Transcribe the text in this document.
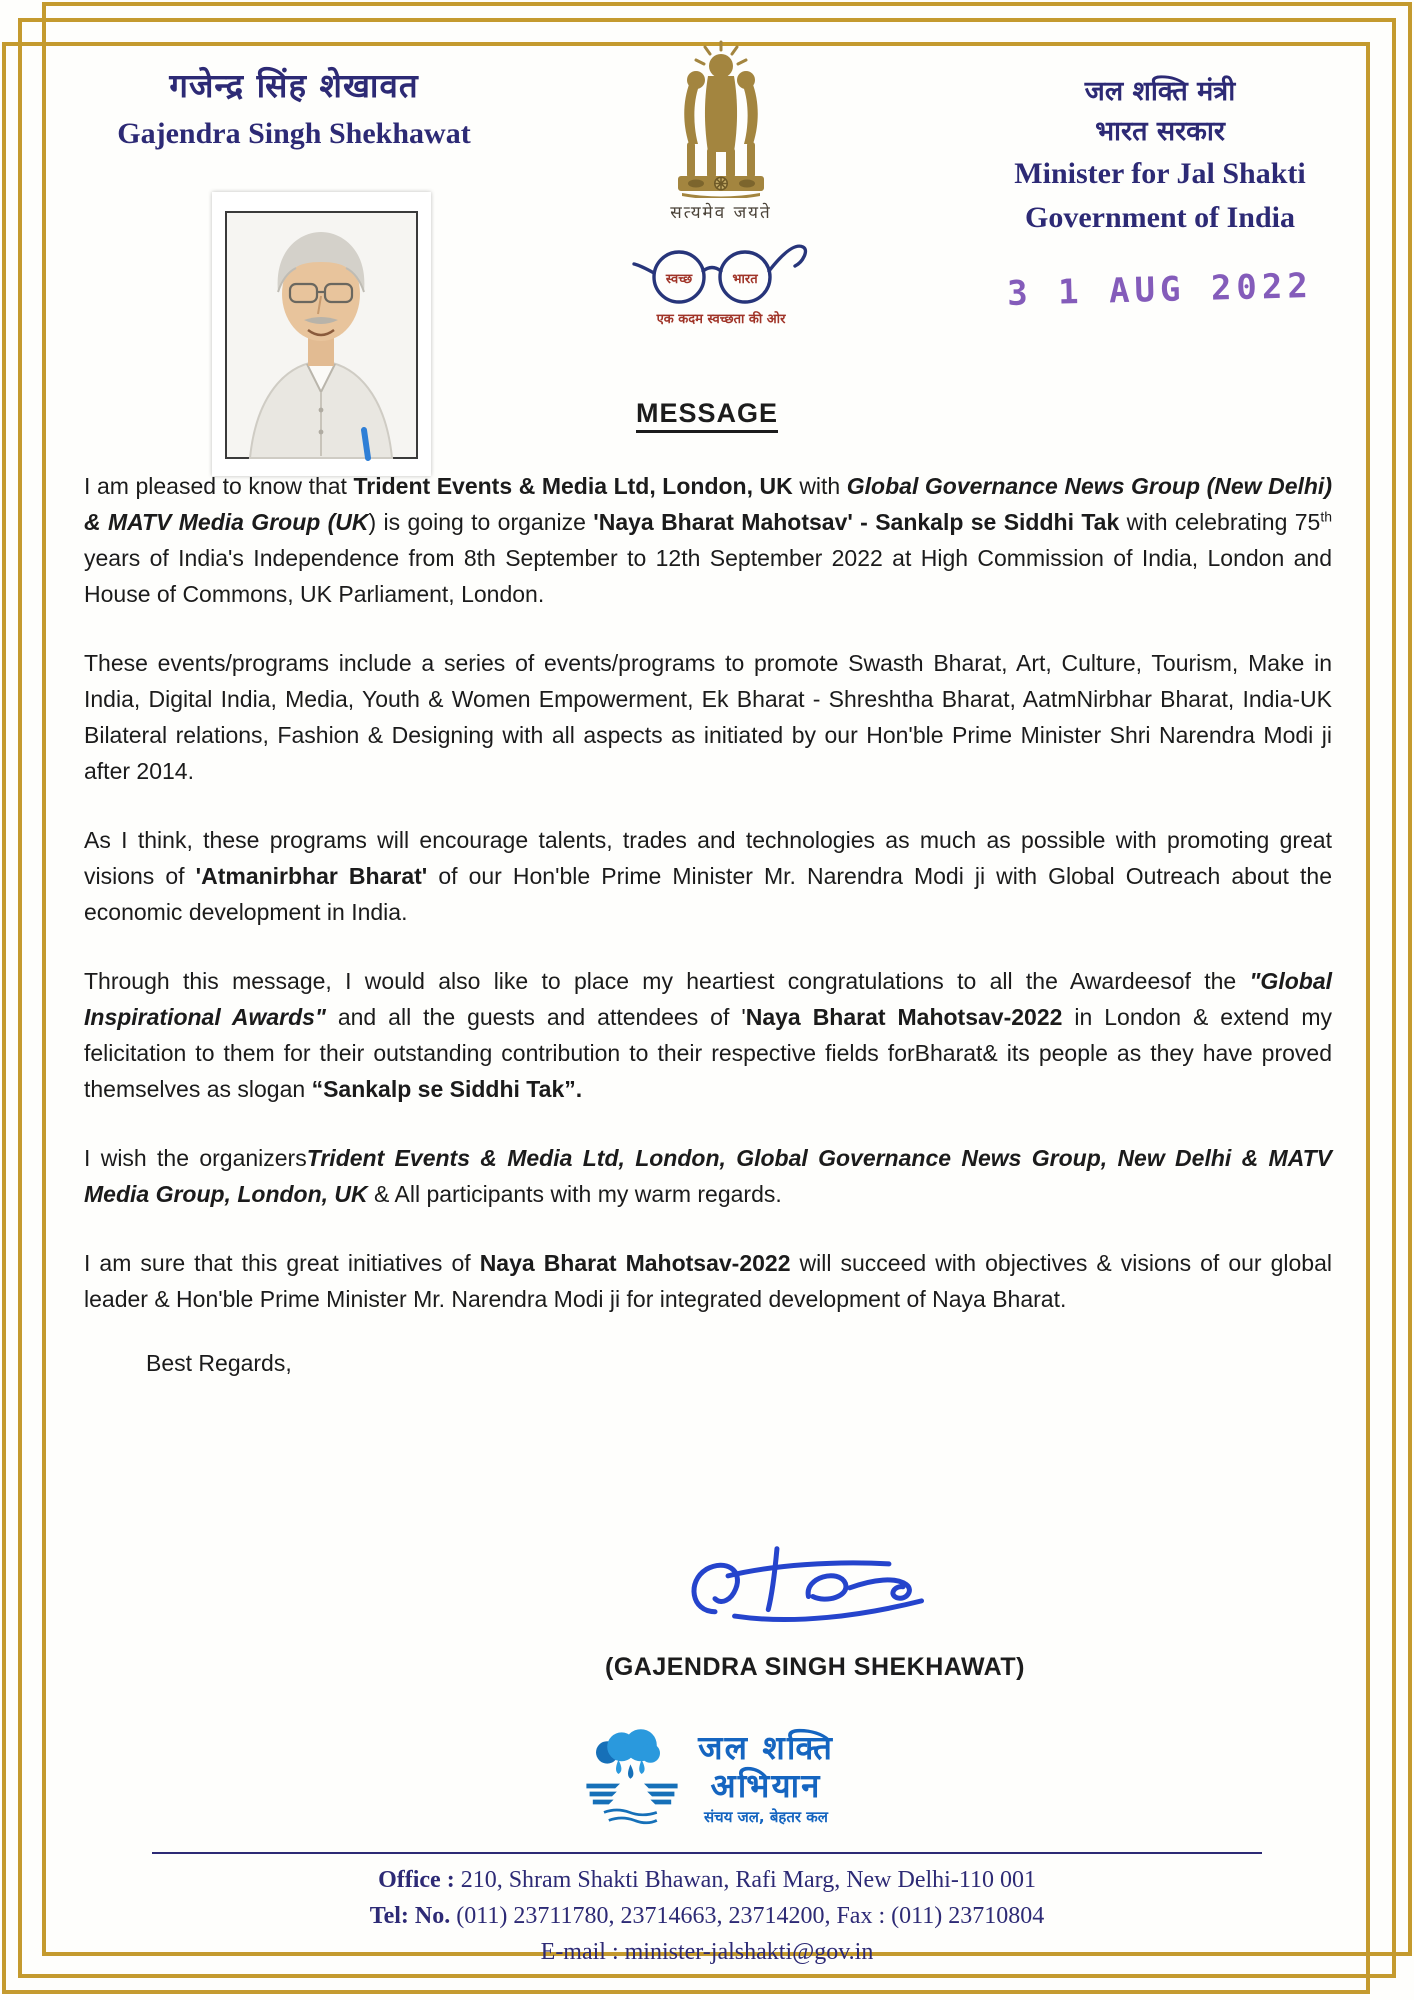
गजेन्द्र सिंह शेखावत
Gajendra Singh Shekhawat
सत्यमेव जयते
स्वच्छ	भारत
एक कदम स्वच्छता की ओर
जल शक्ति मंत्री
भारत सरकार
Minister for Jal Shakti
Government of India
3 1 AUG 2022
MESSAGE

I am pleased to know that Trident Events & Media Ltd, London, UK with Global Governance News Group (New Delhi) & MATV Media Group (UK) is going to organize 'Naya Bharat Mahotsav' - Sankalp se Siddhi Tak with celebrating 75th years of India's Independence from 8th September to 12th September 2022 at High Commission of India, London and House of Commons, UK Parliament, London.

These events/programs include a series of events/programs to promote Swasth Bharat, Art, Culture, Tourism, Make in India, Digital India, Media, Youth & Women Empowerment, Ek Bharat - Shreshtha Bharat, AatmNirbhar Bharat, India-UK Bilateral relations, Fashion & Designing with all aspects as initiated by our Hon'ble Prime Minister Shri Narendra Modi ji after 2014.

As I think, these programs will encourage talents, trades and technologies as much as possible with promoting great visions of 'Atmanirbhar Bharat' of our Hon'ble Prime Minister Mr. Narendra Modi ji with Global Outreach about the economic development in India.

Through this message, I would also like to place my heartiest congratulations to all the Awardeesof the "Global Inspirational Awards" and all the guests and attendees of 'Naya Bharat Mahotsav-2022 in London & extend my felicitation to them for their outstanding contribution to their respective fields forBharat& its people as they have proved themselves as slogan “Sankalp se Siddhi Tak”.

I wish the organizersTrident Events & Media Ltd, London, Global Governance News Group, New Delhi & MATV Media Group, London, UK & All participants with my warm regards.

I am sure that this great initiatives of Naya Bharat Mahotsav-2022 will succeed with objectives & visions of our global leader & Hon'ble Prime Minister Mr. Narendra Modi ji for integrated development of Naya Bharat.

Best Regards,
(GAJENDRA SINGH SHEKHAWAT)
जल शक्ति
अभियान
संचय जल, बेहतर कल
Office : 210, Shram Shakti Bhawan, Rafi Marg, New Delhi-110 001
Tel: No. (011) 23711780, 23714663, 23714200, Fax : (011) 23710804
E-mail : minister-jalshakti@gov.in
